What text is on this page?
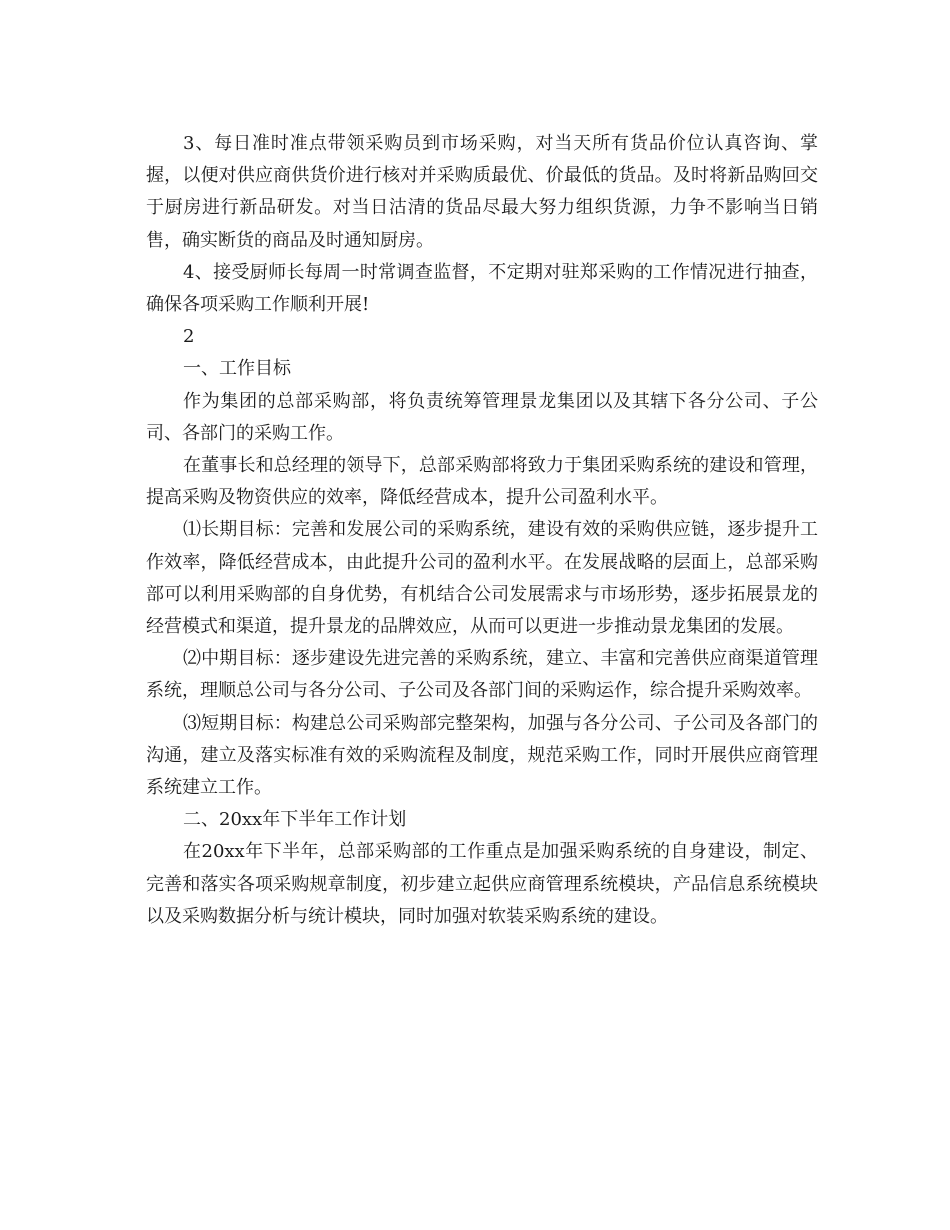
3、每日准时准点带领采购员到市场采购，对当天所有货品价位认真咨询、掌握，以便对供应商供货价进行核对并采购质最优、价最低的货品。及时将新品购回交于厨房进行新品研发。对当日沽清的货品尽最大努力组织货源，力争不影响当日销售，确实断货的商品及时通知厨房。

4、接受厨师长每周一时常调查监督，不定期对驻郑采购的工作情况进行抽查，确保各项采购工作顺利开展!

2

一、工作目标

作为集团的总部采购部，将负责统筹管理景龙集团以及其辖下各分公司、子公司、各部门的采购工作。

在董事长和总经理的领导下，总部采购部将致力于集团采购系统的建设和管理，提高采购及物资供应的效率，降低经营成本，提升公司盈利水平。

⑴长期目标：完善和发展公司的采购系统，建设有效的采购供应链，逐步提升工作效率，降低经营成本，由此提升公司的盈利水平。在发展战略的层面上，总部采购部可以利用采购部的自身优势，有机结合公司发展需求与市场形势，逐步拓展景龙的经营模式和渠道，提升景龙的品牌效应，从而可以更进一步推动景龙集团的发展。

⑵中期目标：逐步建设先进完善的采购系统，建立、丰富和完善供应商渠道管理系统，理顺总公司与各分公司、子公司及各部门间的采购运作，综合提升采购效率。

⑶短期目标：构建总公司采购部完整架构，加强与各分公司、子公司及各部门的沟通，建立及落实标准有效的采购流程及制度，规范采购工作，同时开展供应商管理系统建立工作。

二、20xx年下半年工作计划

在20xx年下半年，总部采购部的工作重点是加强采购系统的自身建设，制定、完善和落实各项采购规章制度，初步建立起供应商管理系统模块，产品信息系统模块以及采购数据分析与统计模块，同时加强对软装采购系统的建设。
